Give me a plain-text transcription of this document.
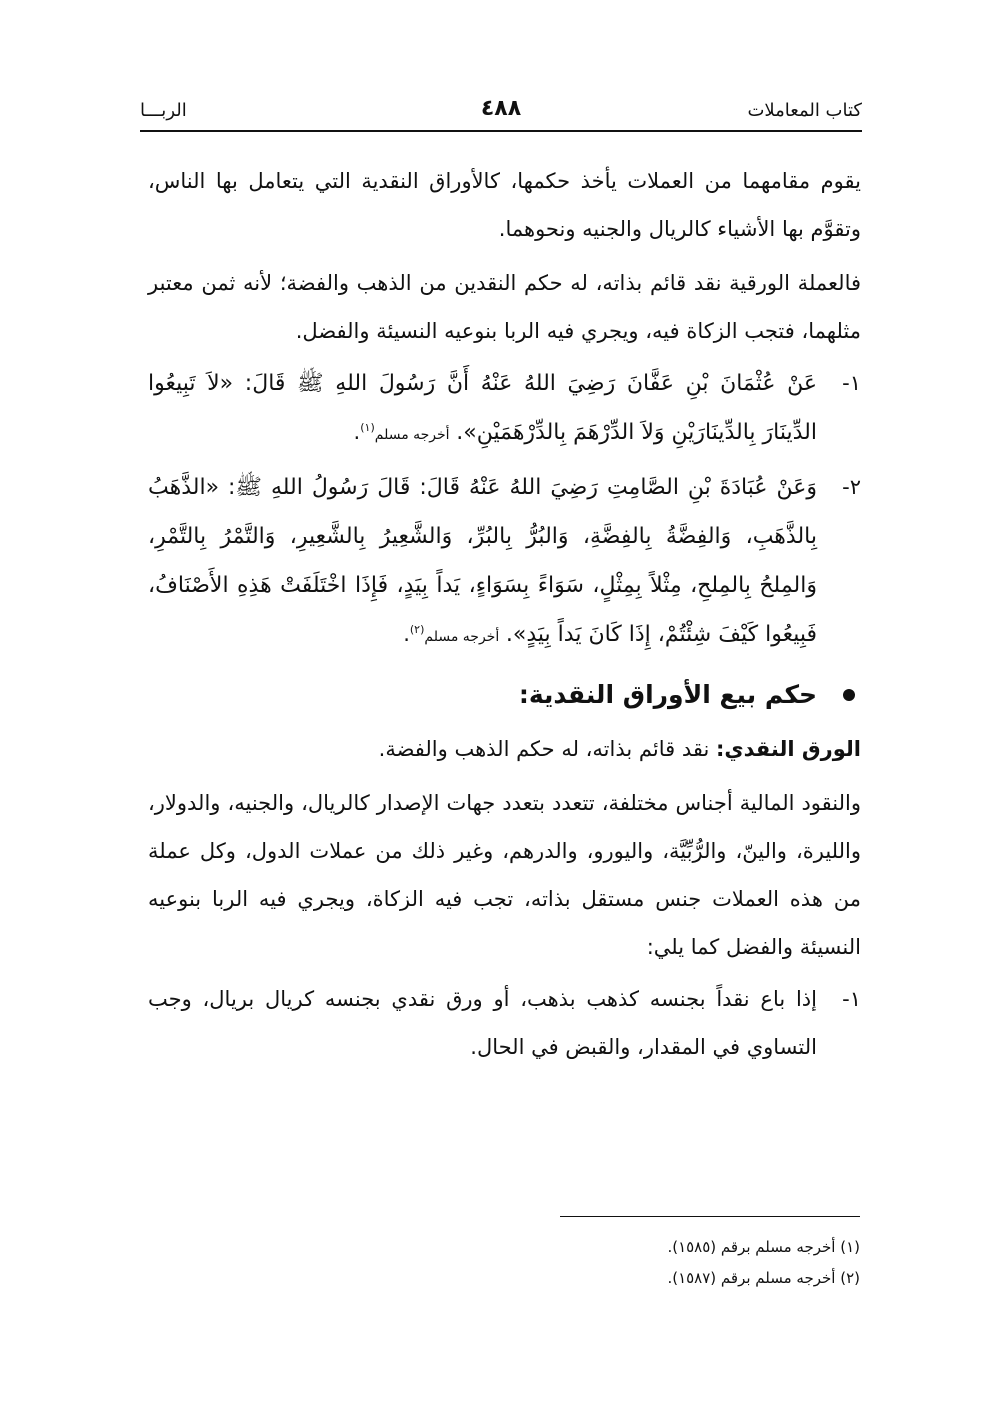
كتاب المعاملات
٤٨٨
الربـــا

يقوم مقامهما من العملات يأخذ حكمها، كالأوراق النقدية التي يتعامل بها الناس، وتقوَّم بها الأشياء كالريال والجنيه ونحوهما.

فالعملة الورقية نقد قائم بذاته، له حكم النقدين من الذهب والفضة؛ لأنه ثمن معتبر مثلهما، فتجب الزكاة فيه، ويجري فيه الربا بنوعيه النسيئة والفضل.

١-
عَنْ عُثْمَانَ بْنِ عَفَّانَ رَضِيَ اللهُ عَنْهُ أَنَّ رَسُولَ اللهِ ﷺ قَالَ: «لاَ تَبِيعُوا الدِّينَارَ بِالدِّينَارَيْنِ وَلاَ الدِّرْهَمَ بِالدِّرْهَمَيْنِ». أخرجه مسلم$^{(١)}$.
٢-
وَعَنْ عُبَادَةَ بْنِ الصَّامِتِ رَضِيَ اللهُ عَنْهُ قَالَ: قَالَ رَسُولُ اللهِ ﷺ: «الذَّهَبُ بِالذَّهَبِ، وَالفِضَّةُ بِالفِضَّةِ، وَالبُرُّ بِالبُرِّ، وَالشَّعِيرُ بِالشَّعِيرِ، وَالتَّمْرُ بِالتَّمْرِ، وَالمِلحُ بِالمِلحِ، مِثْلاً بِمِثْلٍ، سَوَاءً بِسَوَاءٍ، يَداً بِيَدٍ، فَإِذَا اخْتَلَفَتْ هَذِهِ الأَصْنَافُ، فَبِيعُوا كَيْفَ شِئْتُمْ، إِذَا كَانَ يَداً بِيَدٍ». أخرجه مسلم$^{(٢)}$.
حكم بيع الأوراق النقدية:

الورق النقدي: نقد قائم بذاته، له حكم الذهب والفضة.

والنقود المالية أجناس مختلفة، تتعدد بتعدد جهات الإصدار كالريال، والجنيه، والدولار، والليرة، والينّ، والرُّبِّيَّة، واليورو، والدرهم، وغير ذلك من عملات الدول، وكل عملة من هذه العملات جنس مستقل بذاته، تجب فيه الزكاة، ويجري فيه الربا بنوعيه النسيئة والفضل كما يلي:

١-
إذا باع نقداً بجنسه كذهب بذهب، أو ورق نقدي بجنسه كريال بريال، وجب التساوي في المقدار، والقبض في الحال.
(١) أخرجه مسلم برقم (١٥٨٥).
(٢) أخرجه مسلم برقم (١٥٨٧).
